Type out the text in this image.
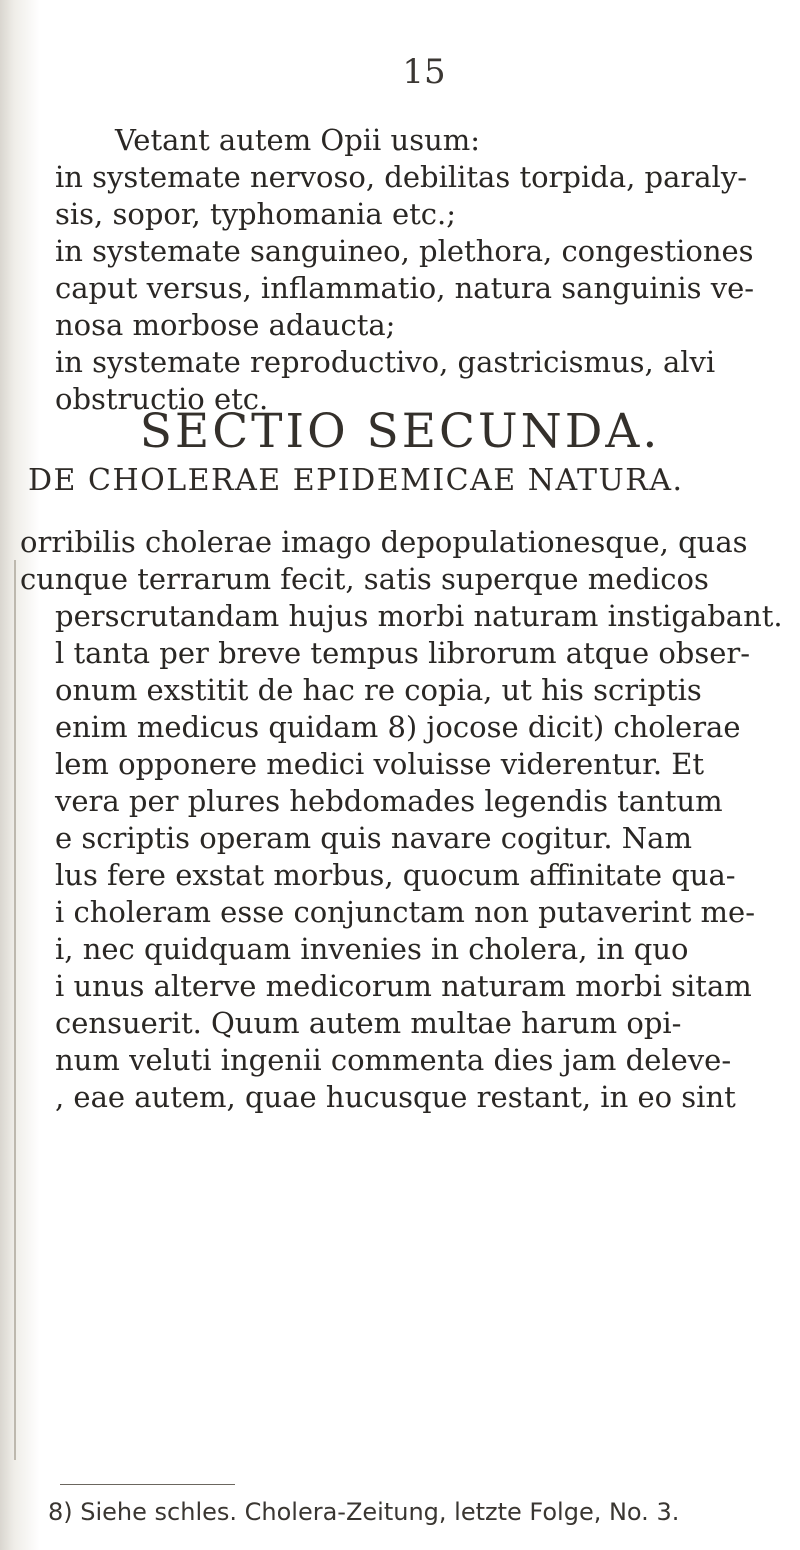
15
Vetant autem Opii usum:
in systemate nervoso, debilitas torpida, paraly-
sis, sopor, typhomania etc.;
in systemate sanguineo, plethora, congestiones
caput versus, inflammatio, natura sanguinis ve-
nosa morbose adaucta;
in systemate reproductivo, gastricismus, alvi
obstructio etc.
SECTIO SECUNDA.
DE CHOLERAE EPIDEMICAE NATURA.
orribilis cholerae imago depopulationesque, quas
cunque terrarum fecit, satis superque medicos
perscrutandam hujus morbi naturam instigabant.
l tanta per breve tempus librorum atque obser-
onum exstitit de hac re copia, ut his scriptis
enim medicus quidam 8) jocose dicit) cholerae
lem opponere medici voluisse viderentur. Et
vera per plures hebdomades legendis tantum
e scriptis operam quis navare cogitur. Nam
lus fere exstat morbus, quocum affinitate qua-
i choleram esse conjunctam non putaverint me-
i, nec quidquam invenies in cholera, in quo
i unus alterve medicorum naturam morbi sitam
censuerit. Quum autem multae harum opi-
num veluti ingenii commenta dies jam deleve-
, eae autem, quae hucusque restant, in eo sint
8) Siehe schles. Cholera-Zeitung, letzte Folge, No. 3.
